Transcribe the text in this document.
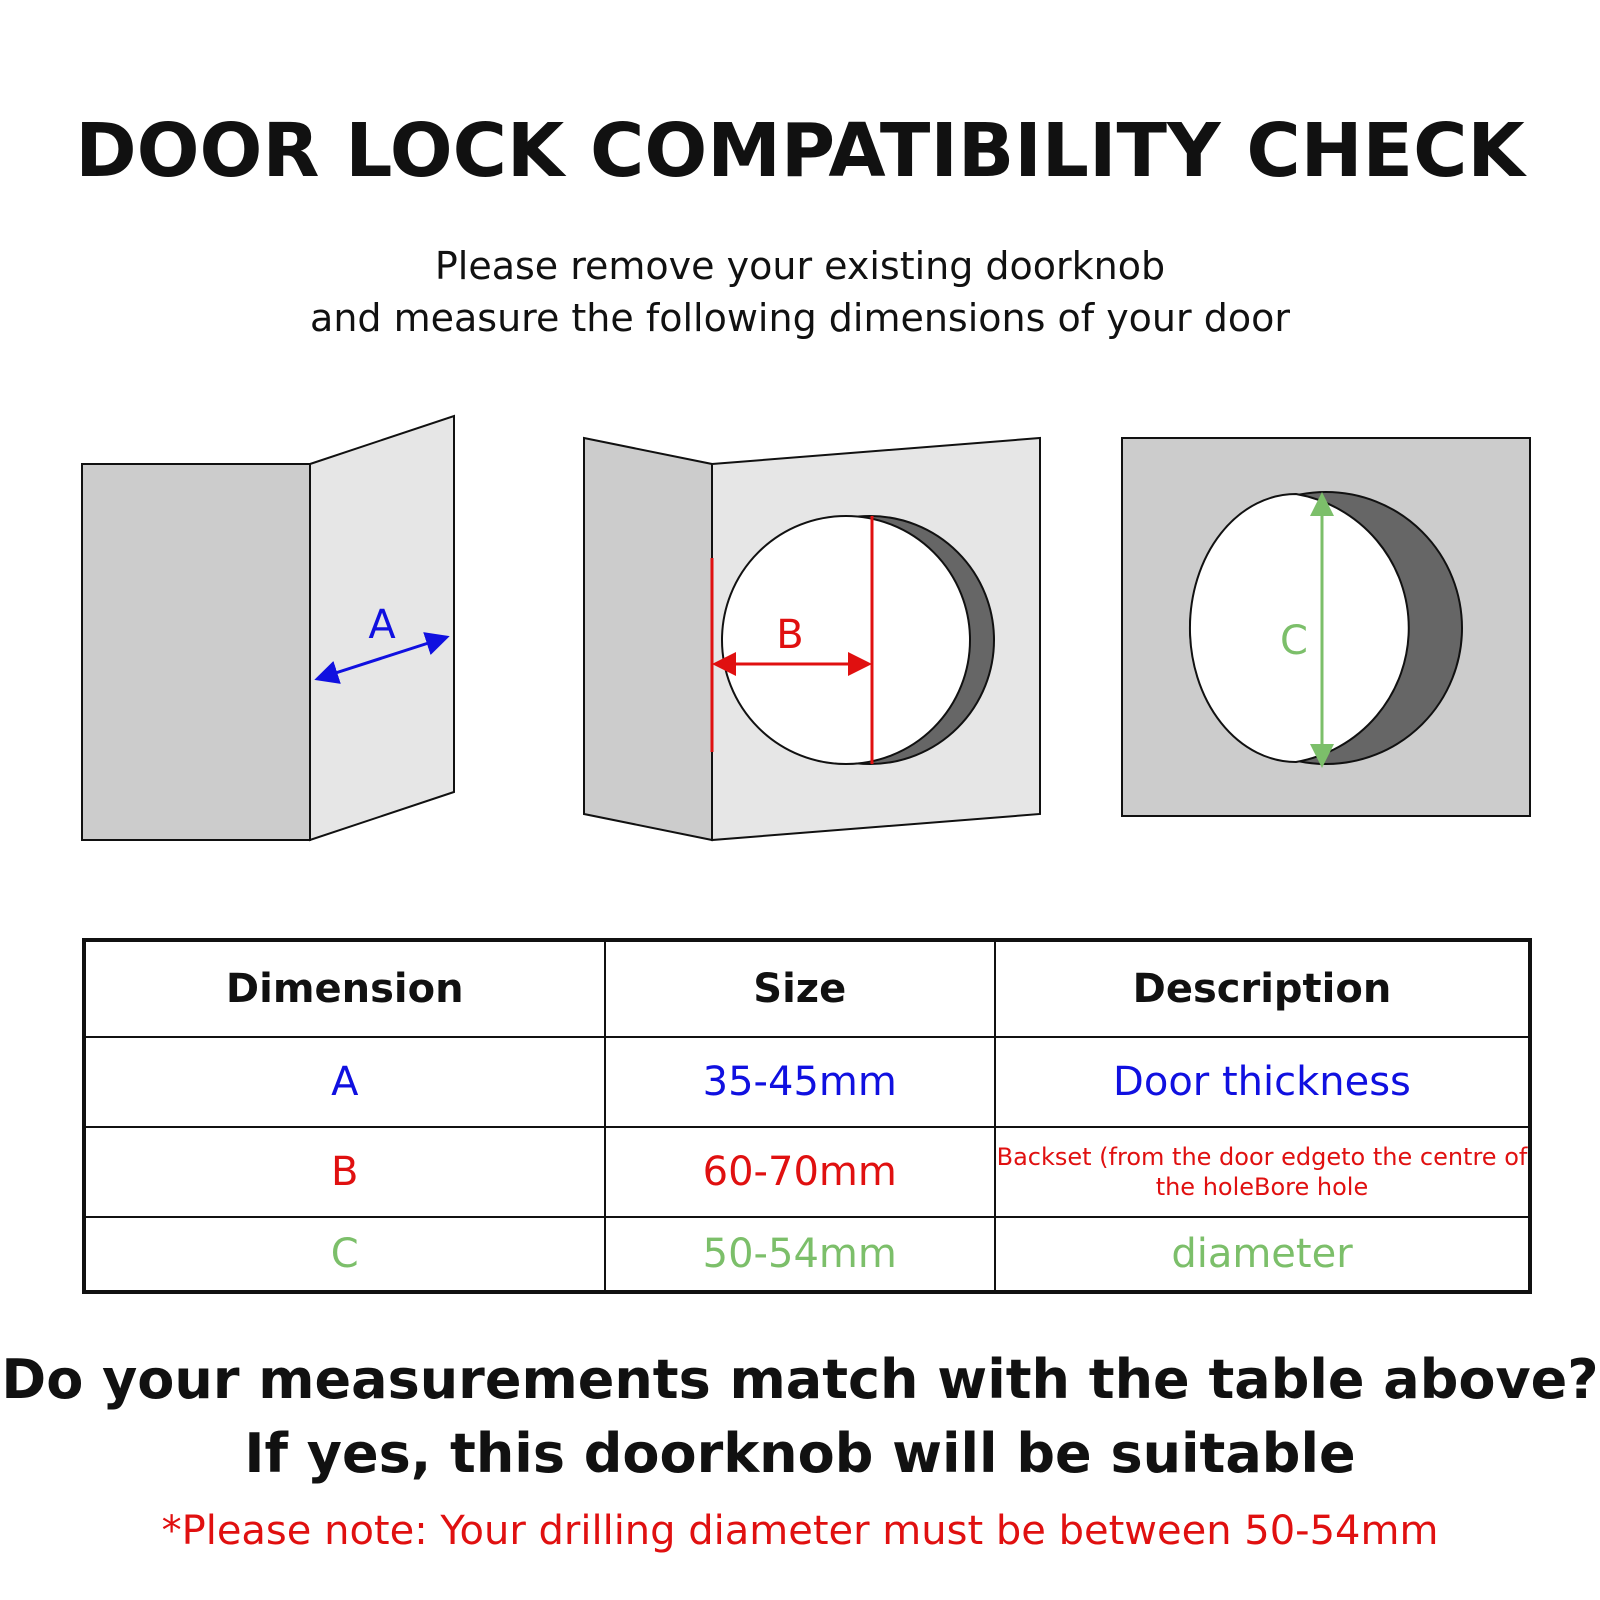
DOOR LOCK COMPATIBILITY CHECK
Please remove your existing doorknob
and measure the following dimensions of your door
A	B	C
Dimension	Size	Description
A	35-45mm	Door thickness
B	60-70mm	Backset (from the door edgeto the centre of the holeBore hole
C	50-54mm	diameter
Do your measurements match with the table above?
If yes, this doorknob will be suitable
*Please note: Your drilling diameter must be between 50-54mm
